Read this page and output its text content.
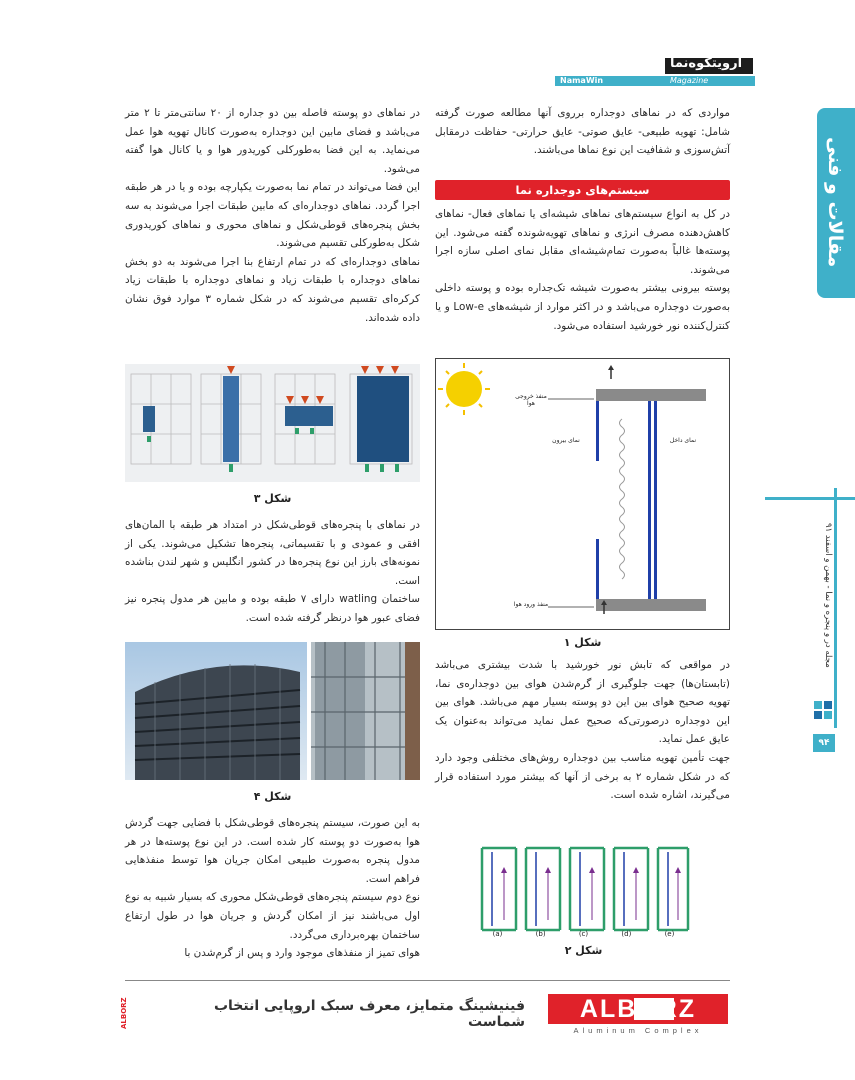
ارویتکوه‌نما
NamaWin	Magazine
مقالات و فنی
مجله در و پنجره و نما - بهمن و اسفند ۹۱
۹۴

مواردی که در نماهای دوجداره برروی آنها مطالعه صورت گرفته شامل: تهویه طبیعی- عایق صوتی- عایق حرارتی- حفاظت درمقابل آتش‌سوزی و شفافیت این نوع نماها می‌باشند.

سیستم‌های دوجداره نما

در کل به انواع سیستم‌های نماهای شیشه‌ای یا نماهای فعال- نماهای کاهش‌دهنده مصرف انرژی و نماهای تهویه‌شونده گفته می‌شود. این پوسته‌ها غالباً به‌صورت تمام‌شیشه‌ای مقابل نمای اصلی سازه اجرا می‌شوند.

پوسته بیرونی بیشتر به‌صورت شیشه تک‌جداره بوده و پوسته داخلی به‌صورت دوجداره می‌باشد و در اکثر موارد از شیشه‌های Low-e و یا کنترل‌کننده نور خورشید استفاده می‌شود.

منفذ خروجی هوا
نمای بیرون	نمای داخل
منفذ ورود هوا
شکل ۱

در مواقعی که تابش نور خورشید با شدت بیشتری می‌باشد (تابستان‌ها) جهت جلوگیری از گرم‌شدن هوای بین دوجداره‌ی نما، تهویه صحیح هوای بین این دو پوسته بسیار مهم می‌باشد. هوای بین این دوجداره درصورتی‌که صحیح عمل نماید می‌تواند به‌عنوان یک عایق عمل نماید.

جهت تأمین تهویه مناسب بین دوجداره روش‌های مختلفی وجود دارد که در شکل شماره ۲ به برخی از آنها که بیشتر مورد استفاده قرار می‌گیرند، اشاره شده است.

(a)	(b)	(c)	(d)	(e)
شکل ۲

در نماهای دو پوسته فاصله بین دو جداره از ۲۰ سانتی‌متر تا ۲ متر می‌باشد و فضای مابین این دوجداره به‌صورت کانال تهویه هوا عمل می‌نماید. به این فضا به‌طورکلی کوریدور هوا و یا کانال هوا گفته می‌شود.

این فضا می‌تواند در تمام نما به‌صورت یکپارچه بوده و یا در هر طبقه اجرا گردد. نماهای دوجداره‌ای که مابین طبقات اجرا می‌شوند به سه بخش پنجره‌های قوطی‌شکل و نماهای محوری و نماهای کوریدوری شکل به‌طورکلی تقسیم می‌شوند.

نماهای دوجداره‌ای که در تمام ارتفاع بنا اجرا می‌شوند به دو بخش نماهای دوجداره با طبقات زیاد و نماهای دوجداره با طبقات زیاد کرکره‌ای تقسیم می‌شوند که در شکل شماره ۳ موارد فوق نشان داده شده‌اند.

شکل ۳

در نماهای با پنجره‌های قوطی‌شکل در امتداد هر طبقه با المان‌های افقی و عمودی و با تقسیماتی، پنجره‌ها تشکیل می‌شوند. یکی از نمونه‌های بارز این نوع پنجره‌ها در کشور انگلیس و شهر لندن بناشده است.

ساختمان watling دارای ۷ طبقه بوده و مابین هر مدول پنجره نیز فضای عبور هوا درنظر گرفته شده است.

شکل ۴

به این صورت، سیستم پنجره‌های قوطی‌شکل با فضایی جهت گردش هوا به‌صورت دو پوسته کار شده است. در این نوع پوسته‌ها در هر مدول پنجره به‌صورت طبیعی امکان جریان هوا توسط منفذهایی فراهم است.

نوع دوم سیستم پنجره‌های قوطی‌شکل محوری که بسیار شبیه به نوع اول می‌باشند نیز از امکان گردش و جریان هوا در طول ارتفاع ساختمان بهره‌برداری می‌گردد.

هوای تمیز از منفذهای موجود وارد و پس از گرم‌شدن با

ALBORZ
Aluminum Complex
فینیشینگ متمایز، معرف سبک اروپایی انتخاب شماست
ALBORZ
